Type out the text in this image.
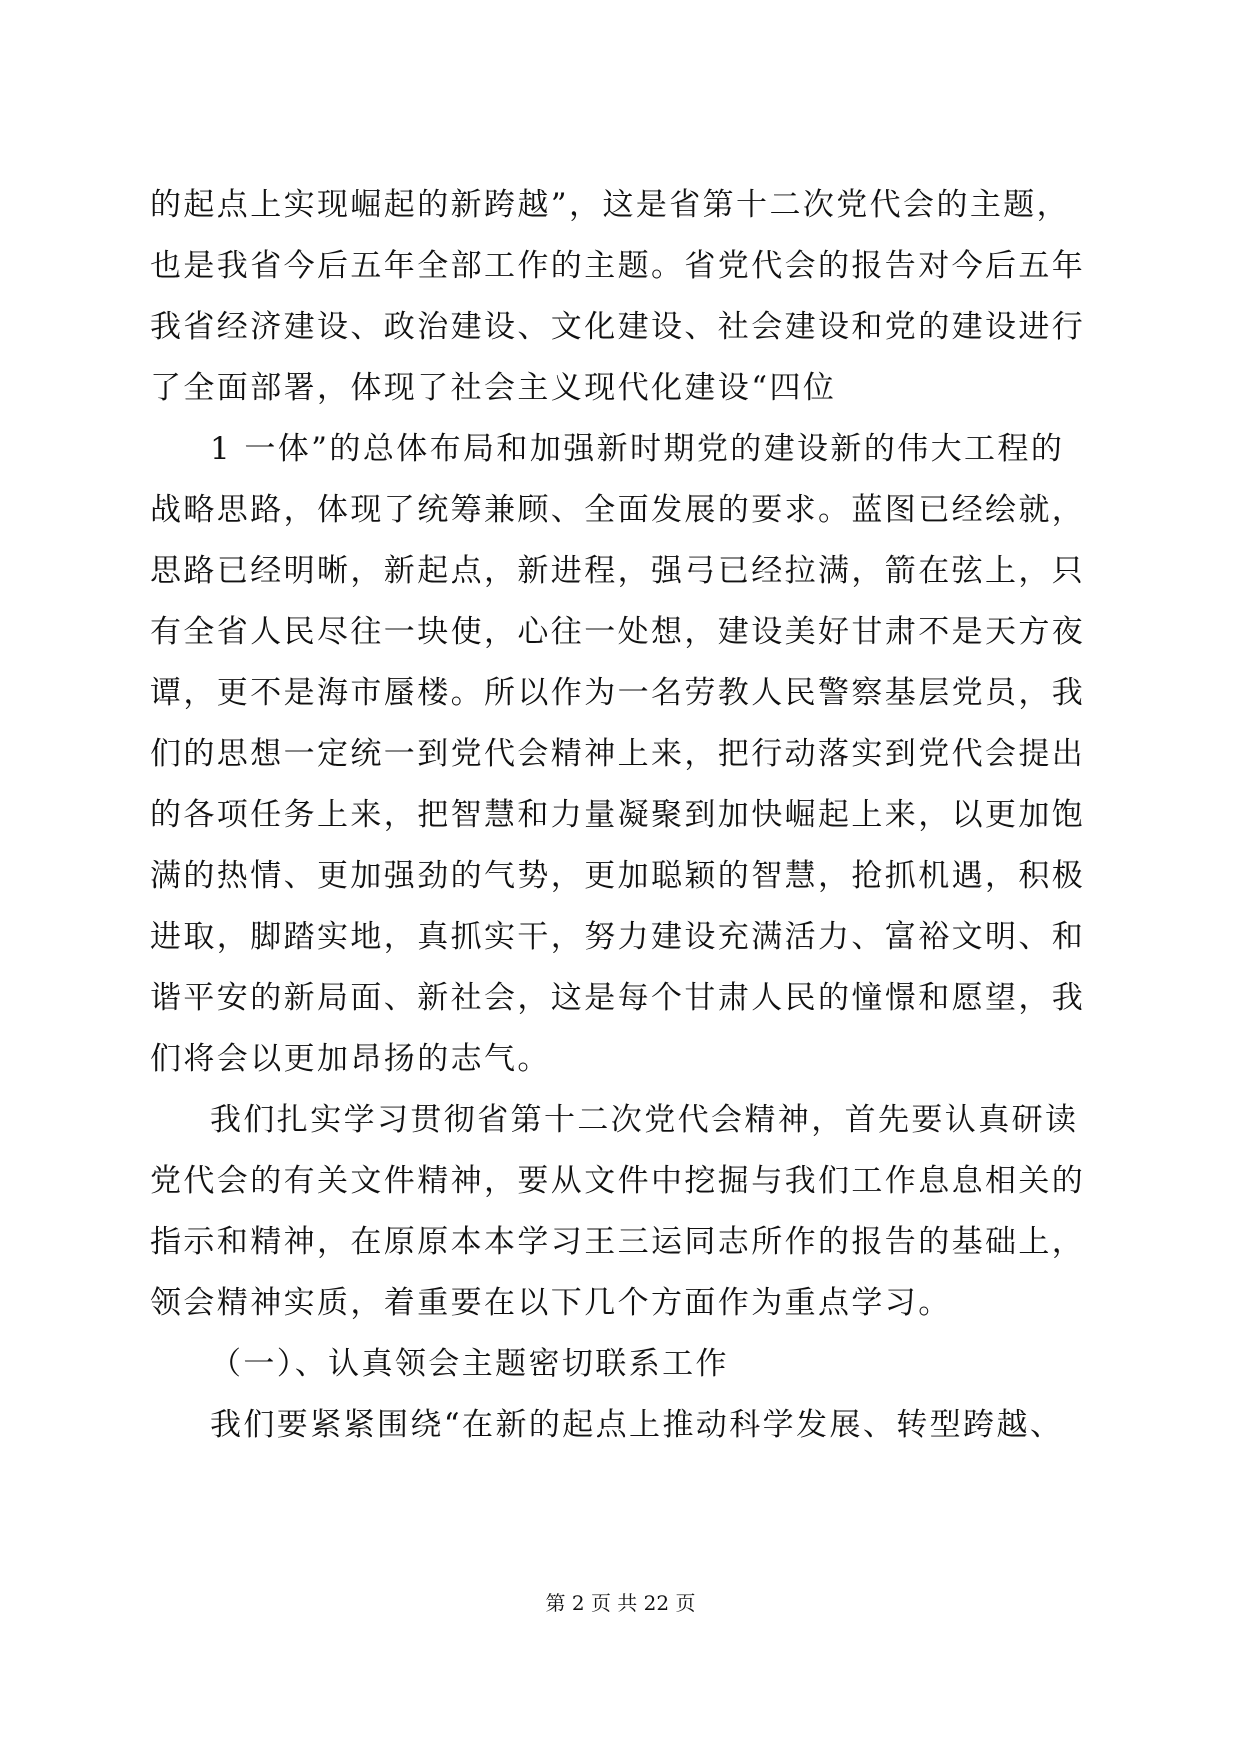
的起点上实现崛起的新跨越”，这是省第十二次党代会的主题，
也是我省今后五年全部工作的主题。省党代会的报告对今后五年
我省经济建设、政治建设、文化建设、社会建设和党的建设进行
了全面部署，体现了社会主义现代化建设“四位
1 一体”的总体布局和加强新时期党的建设新的伟大工程的
战略思路，体现了统筹兼顾、全面发展的要求。蓝图已经绘就，
思路已经明晰，新起点，新进程，强弓已经拉满，箭在弦上，只
有全省人民尽往一块使，心往一处想，建设美好甘肃不是天方夜
谭，更不是海市蜃楼。所以作为一名劳教人民警察基层党员，我
们的思想一定统一到党代会精神上来，把行动落实到党代会提出
的各项任务上来，把智慧和力量凝聚到加快崛起上来，以更加饱
满的热情、更加强劲的气势，更加聪颖的智慧，抢抓机遇，积极
进取，脚踏实地，真抓实干，努力建设充满活力、富裕文明、和
谐平安的新局面、新社会，这是每个甘肃人民的憧憬和愿望，我
们将会以更加昂扬的志气。
我们扎实学习贯彻省第十二次党代会精神，首先要认真研读
党代会的有关文件精神，要从文件中挖掘与我们工作息息相关的
指示和精神，在原原本本学习王三运同志所作的报告的基础上，
领会精神实质，着重要在以下几个方面作为重点学习。
（一）、认真领会主题密切联系工作
我们要紧紧围绕“在新的起点上推动科学发展、转型跨越、
第 2 页 共 22 页
